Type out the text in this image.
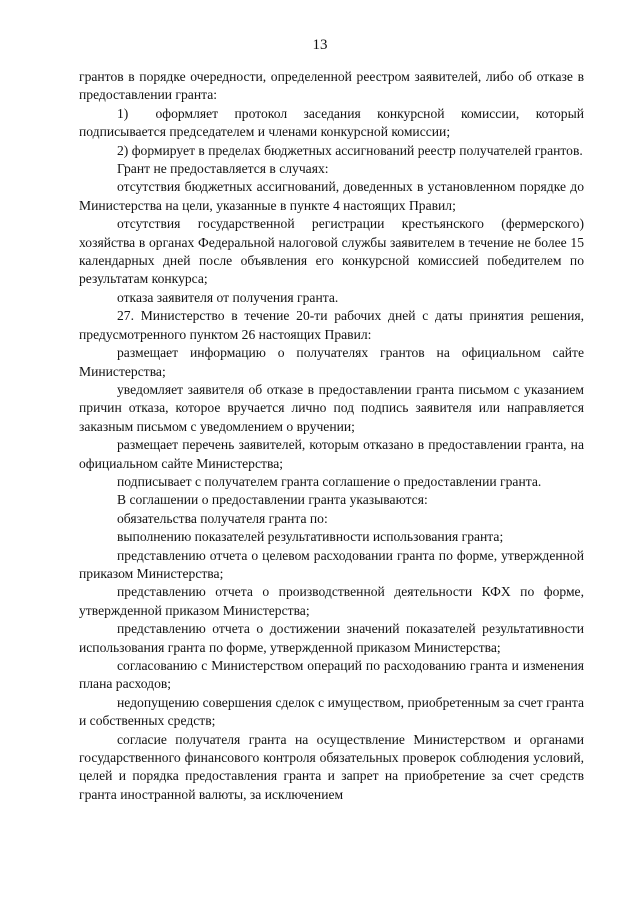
13

грантов в порядке очередности, определенной реестром заявителей, либо об отказе в предоставлении гранта:

1)  оформляет протокол заседания конкурсной комиссии, который подписывается председателем и членами конкурсной комиссии;

2) формирует в пределах бюджетных ассигнований реестр получателей грантов.

Грант не предоставляется в случаях:

отсутствия бюджетных ассигнований, доведенных в установленном порядке до Министерства на цели, указанные в пункте 4 настоящих Правил;

отсутствия государственной регистрации крестьянского (фермерского) хозяйства в органах Федеральной налоговой службы заявителем в течение не более 15 календарных дней после объявления его конкурсной комиссией победителем по результатам конкурса;

отказа заявителя от получения гранта.

27. Министерство в течение 20-ти рабочих дней с даты принятия решения, предусмотренного пунктом 26 настоящих Правил:

размещает информацию о получателях грантов на официальном сайте Министерства;

уведомляет заявителя об отказе в предоставлении гранта письмом с указанием причин отказа, которое вручается лично под подпись заявителя или направляется заказным письмом с уведомлением о вручении;

размещает перечень заявителей, которым отказано в предоставлении гранта, на официальном сайте Министерства;

подписывает с получателем гранта соглашение о предоставлении гранта.

В соглашении о предоставлении гранта указываются:

обязательства получателя гранта по:

выполнению показателей результативности использования гранта;

представлению отчета о целевом расходовании гранта по форме, утвержденной приказом Министерства;

представлению отчета о производственной деятельности КФХ по форме, утвержденной приказом Министерства;

представлению отчета о достижении значений показателей результативности использования гранта по форме, утвержденной приказом Министерства;

согласованию с Министерством операций по расходованию гранта и изменения плана расходов;

недопущению совершения сделок с имуществом, приобретенным за счет гранта и собственных средств;

согласие получателя гранта на осуществление Министерством и органами государственного финансового контроля обязательных проверок соблюдения условий, целей и порядка предоставления гранта и запрет на приобретение за счет средств гранта иностранной валюты, за исключением
